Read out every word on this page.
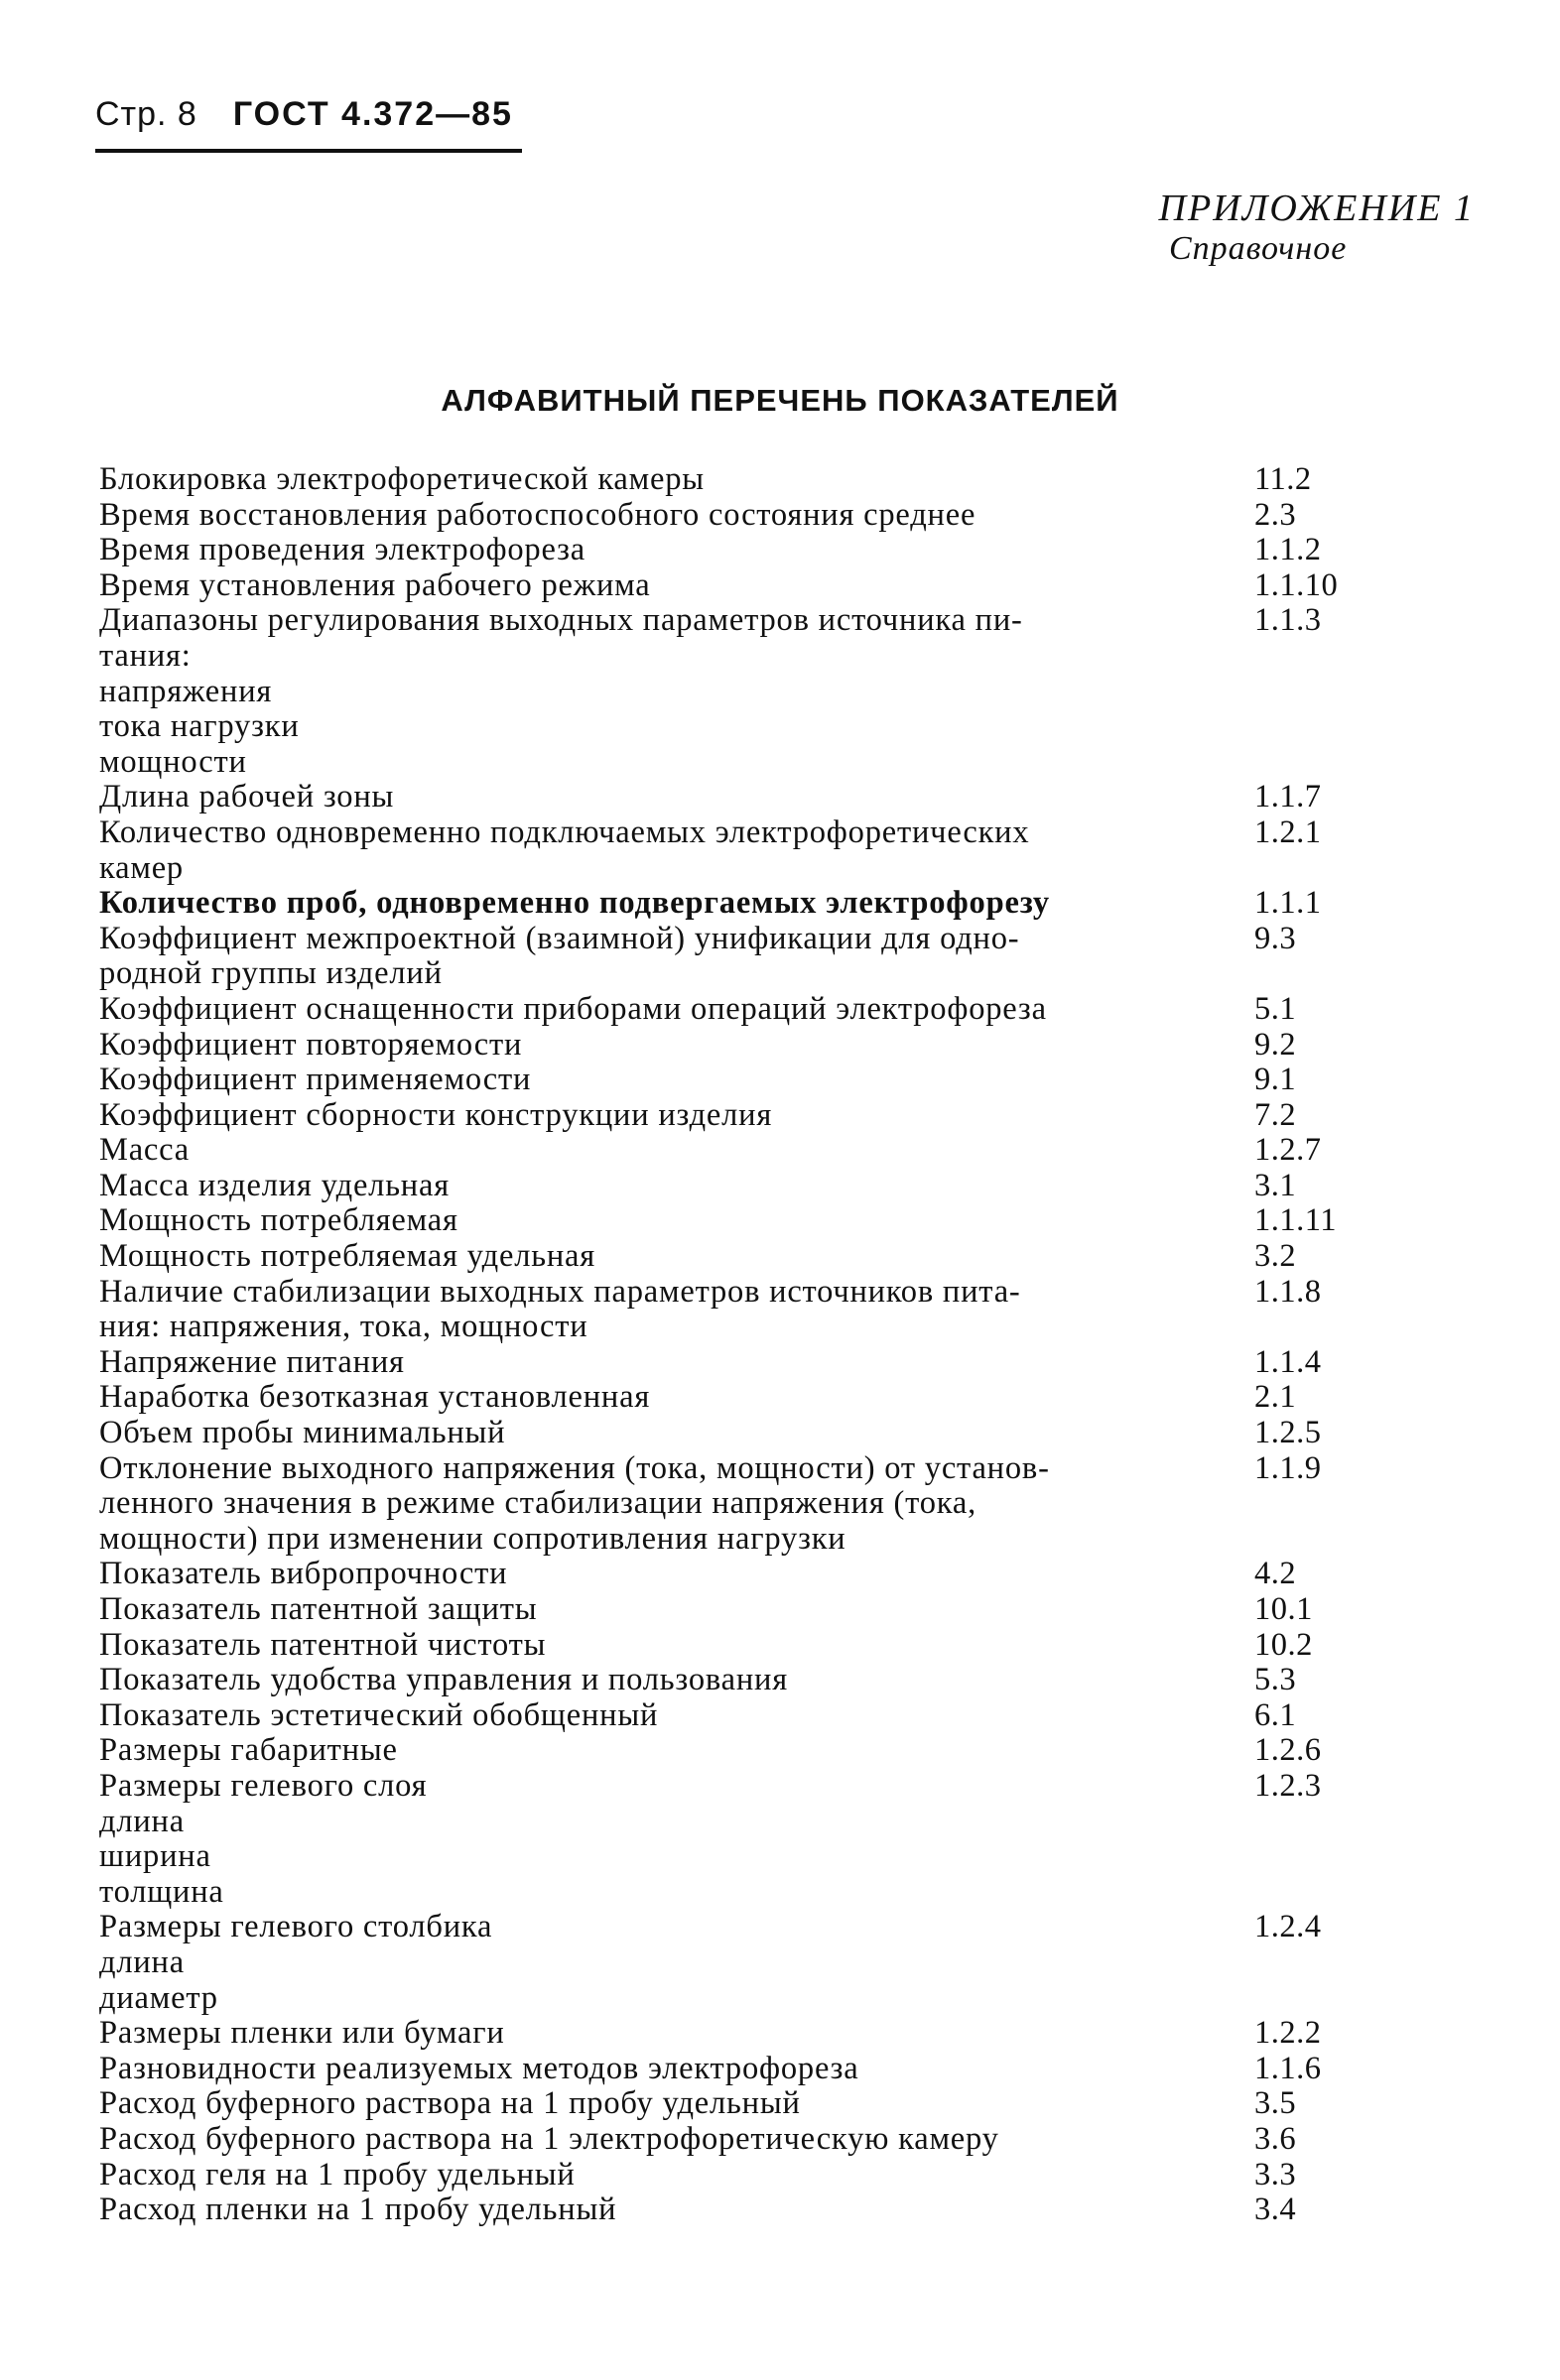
Стр. 8 ГОСТ 4.372—85
ПРИЛОЖЕНИЕ 1
Справочное
АЛФАВИТНЫЙ ПЕРЕЧЕНЬ ПОКАЗАТЕЛЕЙ
Блокировка электрофоретической камеры	11.2
Время восстановления работоспособного состояния среднее	2.3
Время проведения электрофореза	1.1.2
Время установления рабочего режима	1.1.10
Диапазоны регулирования выходных параметров источника пи-	1.1.3
тания:
напряжения
тока нагрузки
мощности
Длина рабочей зоны	1.1.7
Количество одновременно подключаемых электрофоретических	1.2.1
камер
Количество проб, одновременно подвергаемых электрофорезу	1.1.1
Коэффициент межпроектной (взаимной) унификации для одно-	9.3
родной группы изделий
Коэффициент оснащенности приборами операций электрофореза	5.1
Коэффициент повторяемости	9.2
Коэффициент применяемости	9.1
Коэффициент сборности конструкции изделия	7.2
Масса	1.2.7
Масса изделия удельная	3.1
Мощность потребляемая	1.1.11
Мощность потребляемая удельная	3.2
Наличие стабилизации выходных параметров источников пита-	1.1.8
ния: напряжения, тока, мощности
Напряжение питания	1.1.4
Наработка безотказная установленная	2.1
Объем пробы минимальный	1.2.5
Отклонение выходного напряжения (тока, мощности) от установ-	1.1.9
ленного значения в режиме стабилизации напряжения (тока,
мощности) при изменении сопротивления нагрузки
Показатель вибропрочности	4.2
Показатель патентной защиты	10.1
Показатель патентной чистоты	10.2
Показатель удобства управления и пользования	5.3
Показатель эстетический обобщенный	6.1
Размеры габаритные	1.2.6
Размеры гелевого слоя	1.2.3
длина
ширина
толщина
Размеры гелевого столбика	1.2.4
длина
диаметр
Размеры пленки или бумаги	1.2.2
Разновидности реализуемых методов электрофореза	1.1.6
Расход буферного раствора на 1 пробу удельный	3.5
Расход буферного раствора на 1 электрофоретическую камеру	3.6
Расход геля на 1 пробу удельный	3.3
Расход пленки на 1 пробу удельный	3.4
